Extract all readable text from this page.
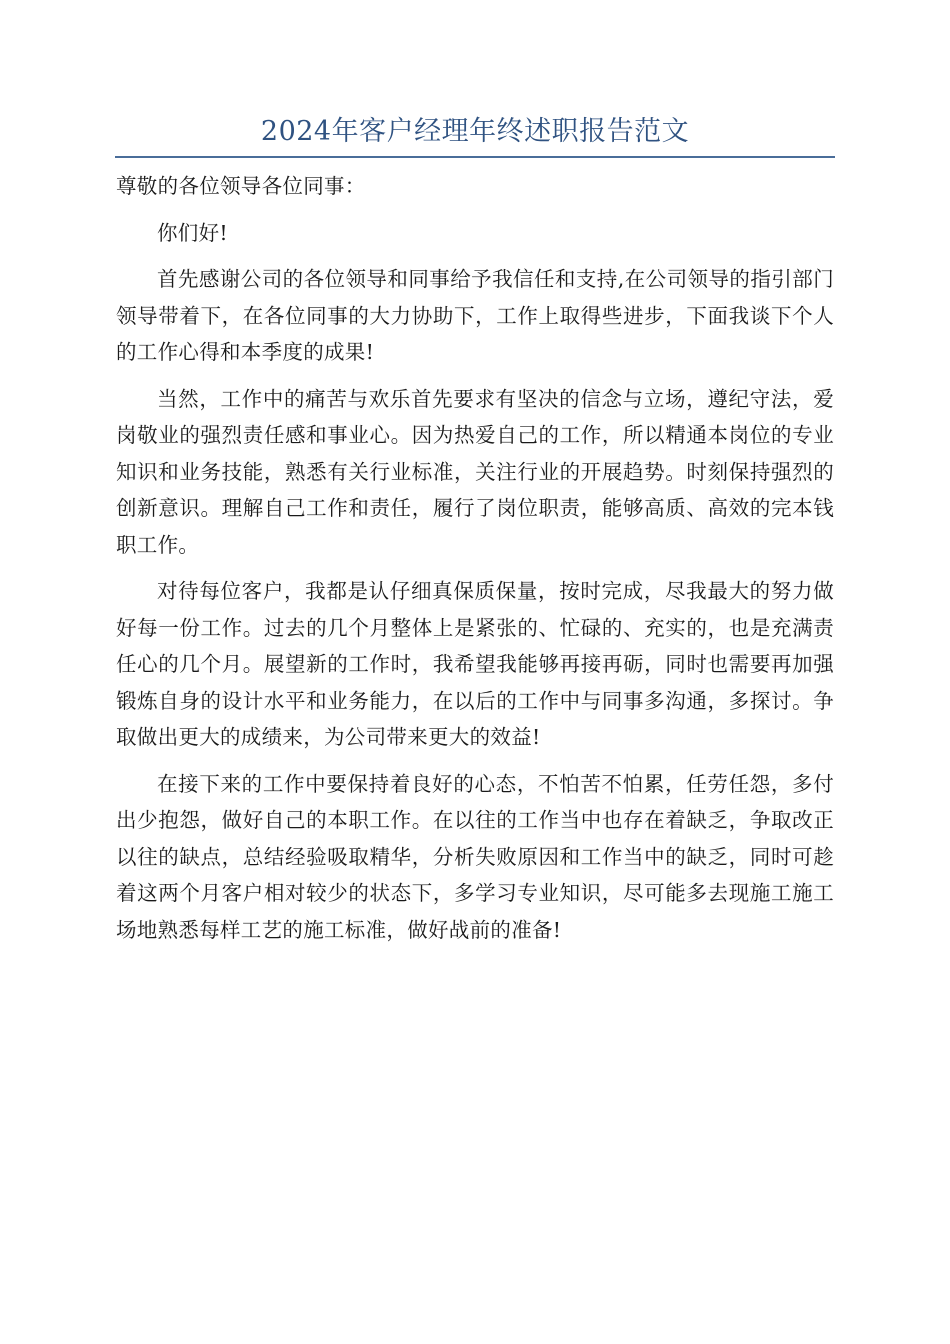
2024年客户经理年终述职报告范文

尊敬的各位领导各位同事：

你们好!

首先感谢公司的各位领导和同事给予我信任和支持,在公司领导的指引部门领导带着下，在各位同事的大力协助下，工作上取得些进步，下面我谈下个人的工作心得和本季度的成果!

当然，工作中的痛苦与欢乐首先要求有坚决的信念与立场，遵纪守法，爱岗敬业的强烈责任感和事业心。因为热爱自己的工作，所以精通本岗位的专业知识和业务技能，熟悉有关行业标准，关注行业的开展趋势。时刻保持强烈的创新意识。理解自己工作和责任，履行了岗位职责，能够高质、高效的完本钱职工作。

对待每位客户，我都是认仔细真保质保量，按时完成，尽我最大的努力做好每一份工作。过去的几个月整体上是紧张的、忙碌的、充实的，也是充满责任心的几个月。展望新的工作时，我希望我能够再接再砺，同时也需要再加强锻炼自身的设计水平和业务能力，在以后的工作中与同事多沟通，多探讨。争取做出更大的成绩来，为公司带来更大的效益!

在接下来的工作中要保持着良好的心态，不怕苦不怕累，任劳任怨，多付出少抱怨，做好自己的本职工作。在以往的工作当中也存在着缺乏，争取改正以往的缺点，总结经验吸取精华，分析失败原因和工作当中的缺乏，同时可趁着这两个月客户相对较少的状态下，多学习专业知识，尽可能多去现施工施工场地熟悉每样工艺的施工标准，做好战前的准备!
